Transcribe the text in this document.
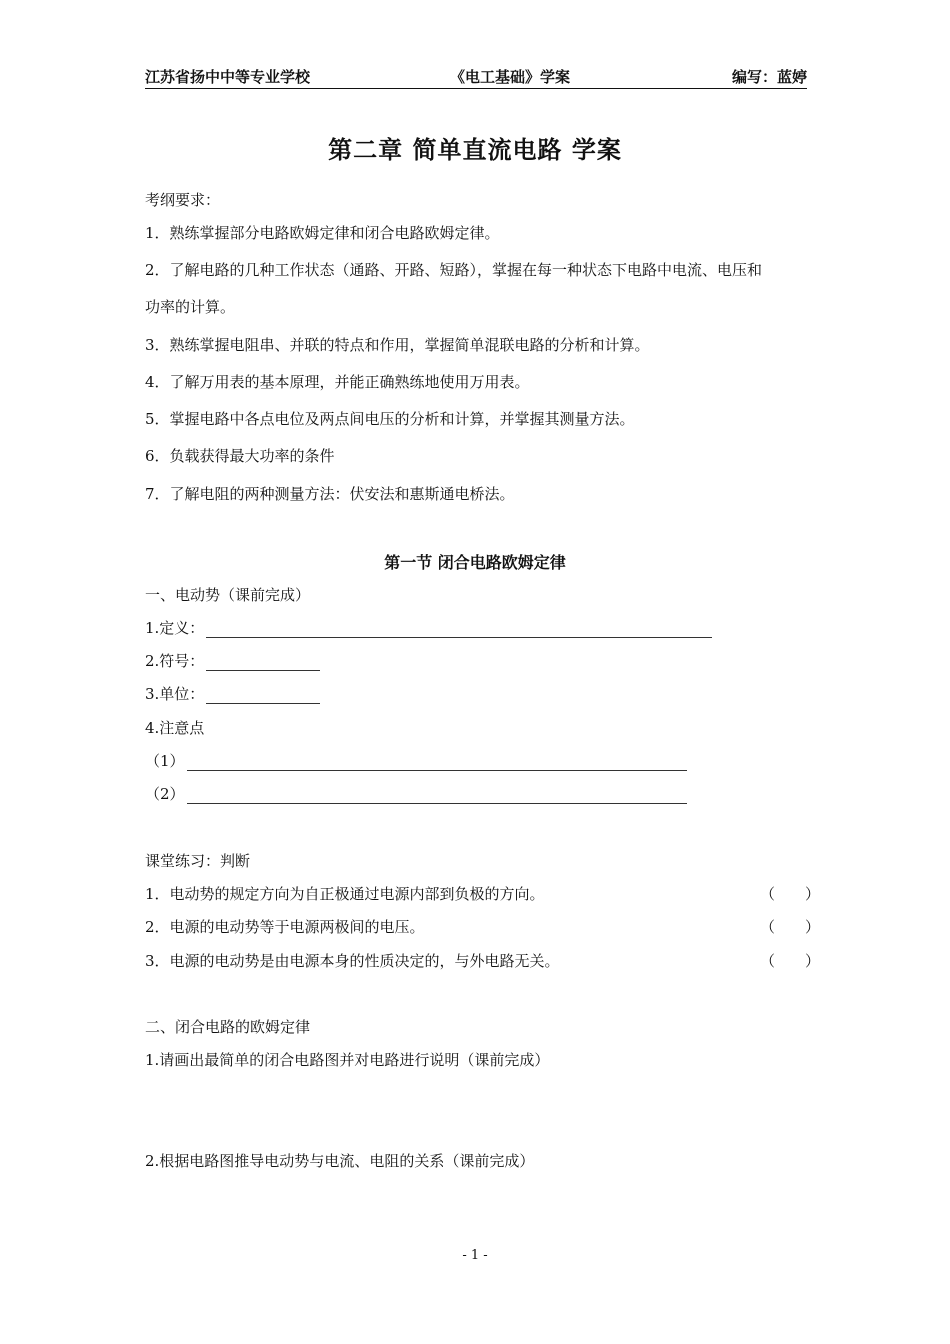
江苏省扬中中等专业学校	《电工基础》学案	编写：蓝婷
第二章 简单直流电路 学案
考纲要求：
1．熟练掌握部分电路欧姆定律和闭合电路欧姆定律。
2．了解电路的几种工作状态（通路、开路、短路），掌握在每一种状态下电路中电流、电压和
功率的计算。
3．熟练掌握电阻串、并联的特点和作用，掌握简单混联电路的分析和计算。
4．了解万用表的基本原理，并能正确熟练地使用万用表。
5．掌握电路中各点电位及两点间电压的分析和计算，并掌握其测量方法。
6．负载获得最大功率的条件
7．了解电阻的两种测量方法：伏安法和惠斯通电桥法。
第一节 闭合电路欧姆定律
一、电动势（课前完成）
1.定义：
2.符号：
3.单位：
4.注意点
（1）
（2）
课堂练习：判断
1．电动势的规定方向为自正极通过电源内部到负极的方向。	（　　）
2．电源的电动势等于电源两极间的电压。	（　　）
3．电源的电动势是由电源本身的性质决定的，与外电路无关。	（　　）
二、闭合电路的欧姆定律
1.请画出最简单的闭合电路图并对电路进行说明（课前完成）
2.根据电路图推导电动势与电流、电阻的关系（课前完成）
- 1 -
